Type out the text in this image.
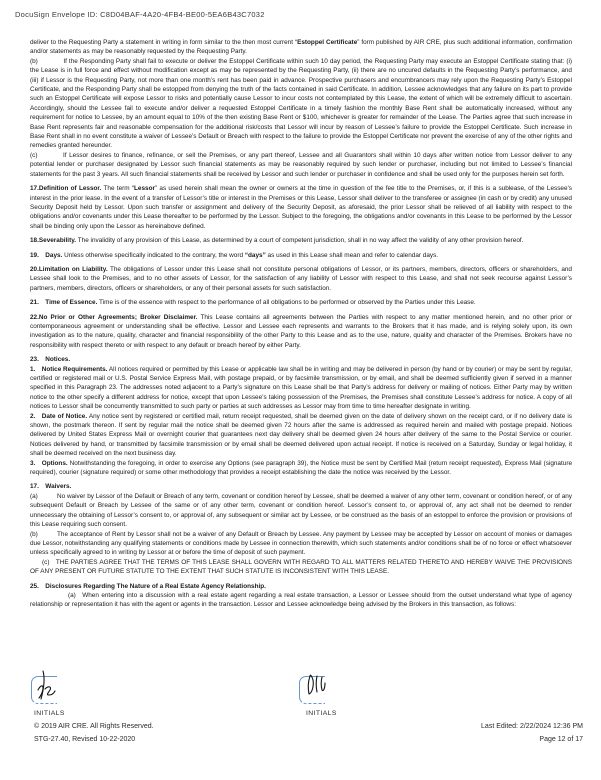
DocuSign Envelope ID: C8D04BAF-4A20-4FB4-BE00-5EA6B43C7032

deliver to the Requesting Party a statement in writing in form similar to the then most current “Estoppel Certificate” form published by AIR CRE, plus such additional information, confirmation and/or statements as may be reasonably requested by the Requesting Party.

(b)    If the Responding Party shall fail to execute or deliver the Estoppel Certificate within such 10 day period, the Requesting Party may execute an Estoppel Certificate stating that: (i) the Lease is in full force and effect without modification except as may be represented by the Requesting Party, (ii) there are no uncured defaults in the Requesting Party’s performance, and (iii) if Lessor is the Requesting Party, not more than one month’s rent has been paid in advance. Prospective purchasers and encumbrancers may rely upon the Requesting Party’s Estoppel Certificate, and the Responding Party shall be estopped from denying the truth of the facts contained in said Certificate. In addition, Lessee acknowledges that any failure on its part to provide such an Estoppel Certificate will expose Lessor to risks and potentially cause Lessor to incur costs not contemplated by this Lease, the extent of which will be extremely difficult to ascertain. Accordingly, should the Lessee fail to execute and/or deliver a requested Estoppel Certificate in a timely fashion the monthly Base Rent shall be automatically increased, without any requirement for notice to Lessee, by an amount equal to 10% of the then existing Base Rent or $100, whichever is greater for remainder of the Lease. The Parties agree that such increase in Base Rent represents fair and reasonable compensation for the additional risk/costs that Lessor will incur by reason of Lessee’s failure to provide the Estoppel Certificate. Such increase in Base Rent shall in no event constitute a waiver of Lessee’s Default or Breach with respect to the failure to provide the Estoppel Certificate nor prevent the exercise of any of the other rights and remedies granted hereunder.

(c)    If Lessor desires to finance, refinance, or sell the Premises, or any part thereof, Lessee and all Guarantors shall within 10 days after written notice from Lessor deliver to any potential lender or purchaser designated by Lessor such financial statements as may be reasonably required by such lender or purchaser, including but not limited to Lessee’s financial statements for the past 3 years. All such financial statements shall be received by Lessor and such lender or purchaser in confidence and shall be used only for the purposes herein set forth.

17.Definition of Lessor. The term “Lessor” as used herein shall mean the owner or owners at the time in question of the fee title to the Premises, or, if this is a sublease, of the Lessee’s interest in the prior lease. In the event of a transfer of Lessor’s title or interest in the Premises or this Lease, Lessor shall deliver to the transferee or assignee (in cash or by credit) any unused Security Deposit held by Lessor. Upon such transfer or assignment and delivery of the Security Deposit, as aforesaid, the prior Lessor shall be relieved of all liability with respect to the obligations and/or covenants under this Lease thereafter to be performed by the Lessor. Subject to the foregoing, the obligations and/or covenants in this Lease to be performed by the Lessor shall be binding only upon the Lessor as hereinabove defined.

18.Severability. The invalidity of any provision of this Lease, as determined by a court of competent jurisdiction, shall in no way affect the validity of any other provision hereof.

19.  Days. Unless otherwise specifically indicated to the contrary, the word “days” as used in this Lease shall mean and refer to calendar days.

20.Limitation on Liability. The obligations of Lessor under this Lease shall not constitute personal obligations of Lessor, or its partners, members, directors, officers or shareholders, and Lessee shall look to the Premises, and to no other assets of Lessor, for the satisfaction of any liability of Lessor with respect to this Lease, and shall not seek recourse against Lessor’s partners, members, directors, officers or shareholders, or any of their personal assets for such satisfaction.

21.  Time of Essence. Time is of the essence with respect to the performance of all obligations to be performed or observed by the Parties under this Lease.

22.No Prior or Other Agreements; Broker Disclaimer. This Lease contains all agreements between the Parties with respect to any matter mentioned herein, and no other prior or contemporaneous agreement or understanding shall be effective. Lessor and Lessee each represents and warrants to the Brokers that it has made, and is relying solely upon, its own investigation as to the nature, quality, character and financial responsibility of the other Party to this Lease and as to the use, nature, quality and character of the Premises. Brokers have no responsibility with respect thereto or with respect to any default or breach hereof by either Party.

23.  Notices.

1.  Notice Requirements. All notices required or permitted by this Lease or applicable law shall be in writing and may be delivered in person (by hand or by courier) or may be sent by regular, certified or registered mail or U.S. Postal Service Express Mail, with postage prepaid, or by facsimile transmission, or by email, and shall be deemed sufficiently given if served in a manner specified in this Paragraph 23. The addresses noted adjacent to a Party’s signature on this Lease shall be that Party’s address for delivery or mailing of notices. Either Party may by written notice to the other specify a different address for notice, except that upon Lessee’s taking possession of the Premises, the Premises shall constitute Lessee’s address for notice. A copy of all notices to Lessor shall be concurrently transmitted to such party or parties at such addresses as Lessor may from time to time hereafter designate in writing.

2.  Date of Notice. Any notice sent by registered or certified mail, return receipt requested, shall be deemed given on the date of delivery shown on the receipt card, or if no delivery date is shown, the postmark thereon. If sent by regular mail the notice shall be deemed given 72 hours after the same is addressed as required herein and mailed with postage prepaid. Notices delivered by United States Express Mail or overnight courier that guarantees next day delivery shall be deemed given 24 hours after delivery of the same to the Postal Service or courier. Notices delivered by hand, or transmitted by facsimile transmission or by email shall be deemed delivered upon actual receipt. If notice is received on a Saturday, Sunday or legal holiday, it shall be deemed received on the next business day.

3.  Options. Notwithstanding the foregoing, in order to exercise any Options (see paragraph 39), the Notice must be sent by Certified Mail (return receipt requested), Express Mail (signature required), courier (signature required) or some other methodology that provides a receipt establishing the date the notice was received by the Lessor.

17.  Waivers.

(a)   No waiver by Lessor of the Default or Breach of any term, covenant or condition hereof by Lessee, shall be deemed a waiver of any other term, covenant or condition hereof, or of any subsequent Default or Breach by Lessee of the same or of any other term, covenant or condition hereof. Lessor’s consent to, or approval of, any act shall not be deemed to render unnecessary the obtaining of Lessor’s consent to, or approval of, any subsequent or similar act by Lessee, or be construed as the basis of an estoppel to enforce the provision or provisions of this Lease requiring such consent.

(b)   The acceptance of Rent by Lessor shall not be a waiver of any Default or Breach by Lessee. Any payment by Lessee may be accepted by Lessor on account of monies or damages due Lessor, notwithstanding any qualifying statements or conditions made by Lessee in connection therewith, which such statements and/or conditions shall be of no force or effect whatsoever unless specifically agreed to in writing by Lessor at or before the time of deposit of such payment.

(c)  THE PARTIES AGREE THAT THE TERMS OF THIS LEASE SHALL GOVERN WITH REGARD TO ALL MATTERS RELATED THERETO AND HEREBY WAIVE THE PROVISIONS OF ANY PRESENT OR FUTURE STATUTE TO THE EXTENT THAT SUCH STATUTE IS INCONSISTENT WITH THIS LEASE.

25.  Disclosures Regarding The Nature of a Real Estate Agency Relationship.

(a) When entering into a discussion with a real estate agent regarding a real estate transaction, a Lessor or Lessee should from the outset understand what type of agency relationship or representation it has with the agent or agents in the transaction. Lessor and Lessee acknowledge being advised by the Brokers in this transaction, as follows:

INITIALS	INITIALS
© 2019 AIR CRE. All Rights Reserved.
STG-27.40, Revised 10-22-2020
Last Edited: 2/22/2024 12:36 PM
Page 12 of 17
